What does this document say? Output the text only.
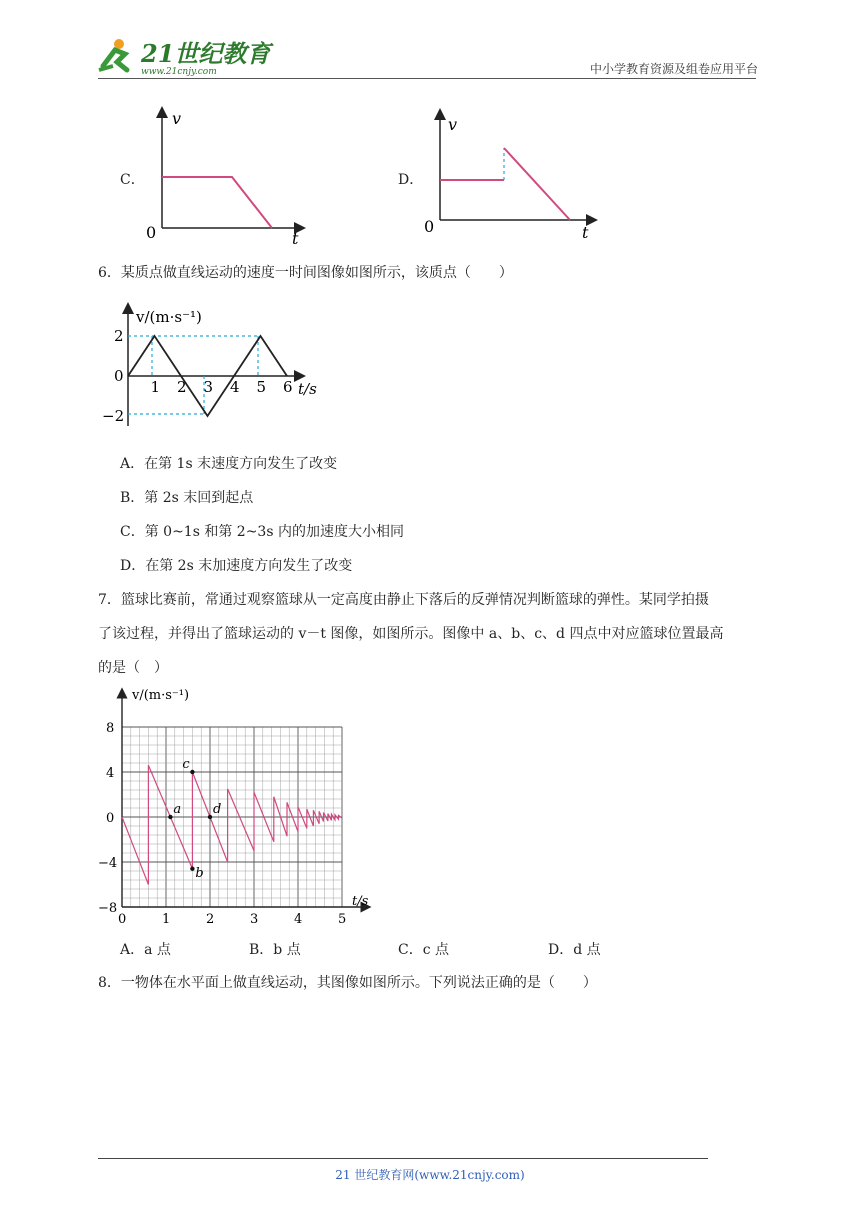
21世纪教育
www.21cnjy.com	中小学教育资源及组卷应用平台
C．
v
t
0
D．
v
t
0
6．某质点做直线运动的速度一时间图像如图所示，该质点（　　）
v/(m·s⁻¹)
t/s
1 2 3 4 5 6
2
0
−2
A．在第 1s 末速度方向发生了改变
B．第 2s 末回到起点
C．第 0~1s 和第 2~3s 内的加速度大小相同
D．在第 2s 末加速度方向发生了改变
7．篮球比赛前，常通过观察篮球从一定高度由静止下落后的反弹情况判断篮球的弹性。某同学拍摄
了该过程，并得出了篮球运动的 v－t 图像，如图所示。图像中 a、b、c、d 四点中对应篮球位置最高
的是（　）
8
4
0
−4
−8
0	1	2	3	4	5
a
b
c
d
v/(m·s⁻¹)
t/s
A．a 点	B．b 点	C．c 点	D．d 点
8．一物体在水平面上做直线运动，其图像如图所示。下列说法正确的是（　　）
21 世纪教育网(www.21cnjy.com)
